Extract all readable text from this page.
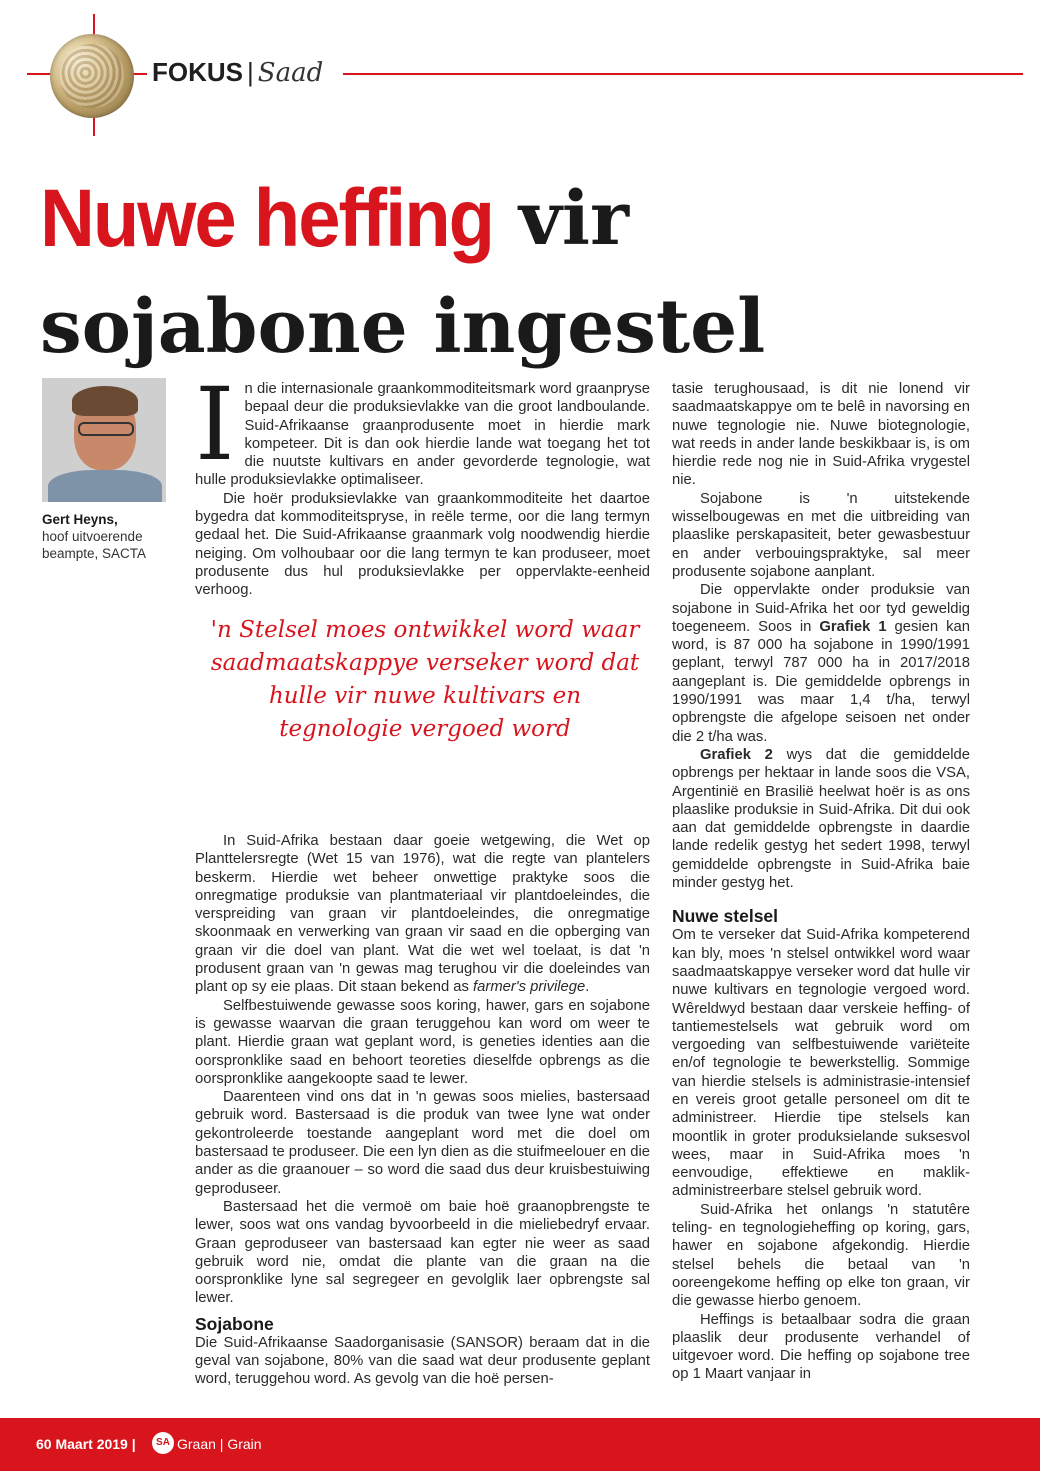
FOKUS | Saad
Nuwe heffing vir
sojabone ingestel
Gert Heyns,
hoof uitvoerende beampte, SACTA
I n die internasionale graankommoditeitsmark word graanpryse bepaal deur die produksievlakke van die groot landboulande. Suid-Afrikaanse graanprodusente moet in hierdie mark kompeteer. Dit is dan ook hierdie lande wat toegang het tot die nuutste kultivars en ander gevorderde tegnologie, wat hulle produksievlakke optimaliseer.

Die hoër produksievlakke van graankommoditeite het daartoe bygedra dat kommoditeitspryse, in reële terme, oor die lang termyn gedaal het. Die Suid-Afrikaanse graanmark volg noodwendig hierdie neiging. Om volhoubaar oor die lang termyn te kan produseer, moet produsente dus hul produksievlakke per oppervlakte-eenheid verhoog.

'n Stelsel moes ontwikkel word waar saadmaatskappye verseker word dat hulle vir nuwe kultivars en tegnologie vergoed word

In Suid-Afrika bestaan daar goeie wetgewing, die Wet op Planttelersregte (Wet 15 van 1976), wat die regte van plantelers beskerm. Hierdie wet beheer onwettige praktyke soos die onregmatige produksie van plantmateriaal vir plantdoeleindes, die verspreiding van graan vir plantdoeleindes, die onregmatige skoonmaak en verwerking van graan vir saad en die opberging van graan vir die doel van plant. Wat die wet wel toelaat, is dat 'n produsent graan van 'n gewas mag terughou vir die doeleindes van plant op sy eie plaas. Dit staan bekend as farmer's privilege.

Selfbestuiwende gewasse soos koring, hawer, gars en sojabone is gewasse waarvan die graan teruggehou kan word om weer te plant. Hierdie graan wat geplant word, is geneties identies aan die oorspronklike saad en behoort teoreties dieselfde opbrengs as die oorspronklike aangekoopte saad te lewer.

Daarenteen vind ons dat in 'n gewas soos mielies, bastersaad gebruik word. Bastersaad is die produk van twee lyne wat onder gekontroleerde toestande aangeplant word met die doel om bastersaad te produseer. Die een lyn dien as die stuifmeelouer en die ander as die graanouer – so word die saad dus deur kruisbestuiwing geproduseer.

Bastersaad het die vermoë om baie hoë graanopbrengste te lewer, soos wat ons vandag byvoorbeeld in die mieliebedryf ervaar. Graan geproduseer van bastersaad kan egter nie weer as saad gebruik word nie, omdat die plante van die graan na die oorspronklike lyne sal segregeer en gevolglik laer opbrengste sal lewer.

Sojabone

Die Suid-Afrikaanse Saadorganisasie (SANSOR) beraam dat in die geval van sojabone, 80% van die saad wat deur produsente geplant word, teruggehou word. As gevolg van die hoë persen-

tasie terughousaad, is dit nie lonend vir saadmaatskappye om te belê in navorsing en nuwe tegnologie nie. Nuwe biotegnologie, wat reeds in ander lande beskikbaar is, is om hierdie rede nog nie in Suid-Afrika vrygestel nie.

Sojabone is 'n uitstekende wisselbougewas en met die uitbreiding van plaaslike perskapasiteit, beter gewasbestuur en ander verbouingspraktyke, sal meer produsente sojabone aanplant.

Die oppervlakte onder produksie van sojabone in Suid-Afrika het oor tyd geweldig toegeneem. Soos in Grafiek 1 gesien kan word, is 87 000 ha sojabone in 1990/1991 geplant, terwyl 787 000 ha in 2017/2018 aangeplant is. Die gemiddelde opbrengs in 1990/1991 was maar 1,4 t/ha, terwyl opbrengste die afgelope seisoen net onder die 2 t/ha was.

Grafiek 2 wys dat die gemiddelde opbrengs per hektaar in lande soos die VSA, Argentinië en Brasilië heelwat hoër is as ons plaaslike produksie in Suid-Afrika. Dit dui ook aan dat gemiddelde opbrengste in daardie lande redelik gestyg het sedert 1998, terwyl gemiddelde opbrengste in Suid-Afrika baie minder gestyg het.

Nuwe stelsel

Om te verseker dat Suid-Afrika kompeterend kan bly, moes 'n stelsel ontwikkel word waar saadmaatskappye verseker word dat hulle vir nuwe kultivars en tegnologie vergoed word. Wêreldwyd bestaan daar verskeie heffing- of tantiemestelsels wat gebruik word om vergoeding van selfbestuiwende variëteite en/of tegnologie te bewerkstellig. Sommige van hierdie stelsels is administrasie-intensief en vereis groot getalle personeel om dit te administreer. Hierdie tipe stelsels kan moontlik in groter produksielande suksesvol wees, maar in Suid-Afrika moes 'n eenvoudige, effektiewe en maklik-administreerbare stelsel gebruik word.

Suid-Afrika het onlangs 'n statutêre teling- en tegnologieheffing op koring, gars, hawer en sojabone afgekondig. Hierdie stelsel behels die betaal van 'n ooreengekome heffing op elke ton graan, vir die gewasse hierbo genoem.

Heffings is betaalbaar sodra die graan plaaslik deur produsente verhandel of uitgevoer word. Die heffing op sojabone tree op 1 Maart vanjaar in

60 Maart 2019 |	SA Graan | Grain
